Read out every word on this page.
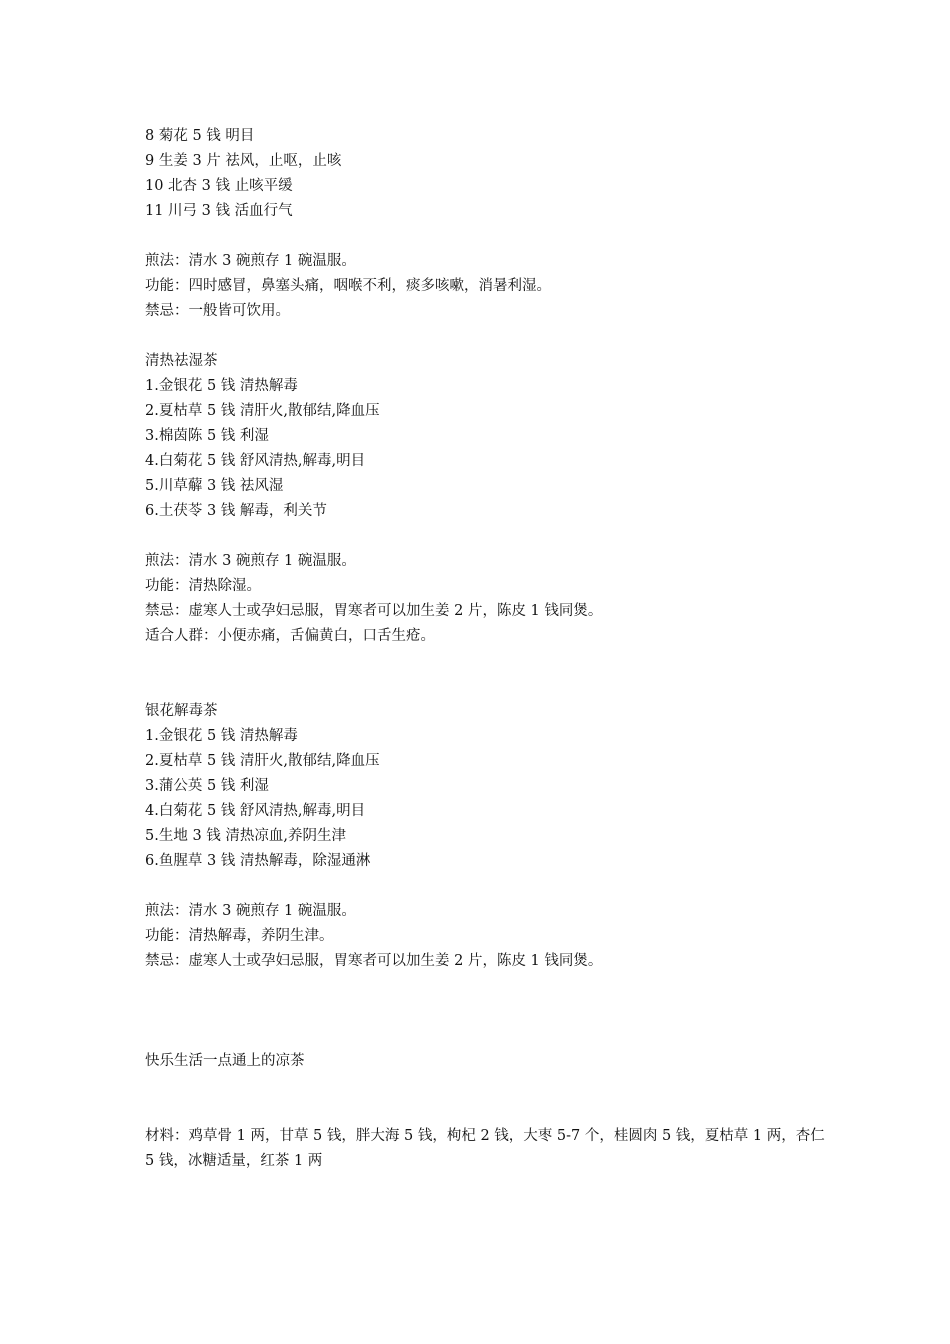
8 菊花 5 钱 明目
9 生姜 3 片 祛风，止呕，止咳
10 北杏 3 钱 止咳平缓
11 川弓 3 钱 活血行气
煎法：清水 3 碗煎存 1 碗温服。
功能：四时感冒，鼻塞头痛，咽喉不利，痰多咳嗽，消暑利湿。
禁忌：一般皆可饮用。
清热祛湿茶
1.金银花 5 钱 清热解毒
2.夏枯草 5 钱 清肝火,散郁结,降血压
3.棉茵陈 5 钱 利湿
4.白菊花 5 钱 舒风清热,解毒,明目
5.川草薢 3 钱 祛风湿
6.土茯苓 3 钱 解毒，利关节
煎法：清水 3 碗煎存 1 碗温服。
功能：清热除湿。
禁忌：虚寒人士或孕妇忌服，胃寒者可以加生姜 2 片，陈皮 1 钱同煲。
适合人群：小便赤痛，舌偏黄白，口舌生疮。
银花解毒茶
1.金银花 5 钱 清热解毒
2.夏枯草 5 钱 清肝火,散郁结,降血压
3.蒲公英 5 钱 利湿
4.白菊花 5 钱 舒风清热,解毒,明目
5.生地 3 钱 清热凉血,养阴生津
6.鱼腥草 3 钱 清热解毒，除湿通淋
煎法：清水 3 碗煎存 1 碗温服。
功能：清热解毒，养阴生津。
禁忌：虚寒人士或孕妇忌服，胃寒者可以加生姜 2 片，陈皮 1 钱同煲。
快乐生活一点通上的凉茶
材料：鸡草骨 1 两，甘草 5 钱，胖大海 5 钱，枸杞 2 钱，大枣 5-7 个，桂圆肉 5 钱，夏枯草 1 两，杏仁 5 钱，冰糖适量，红茶 1 两
